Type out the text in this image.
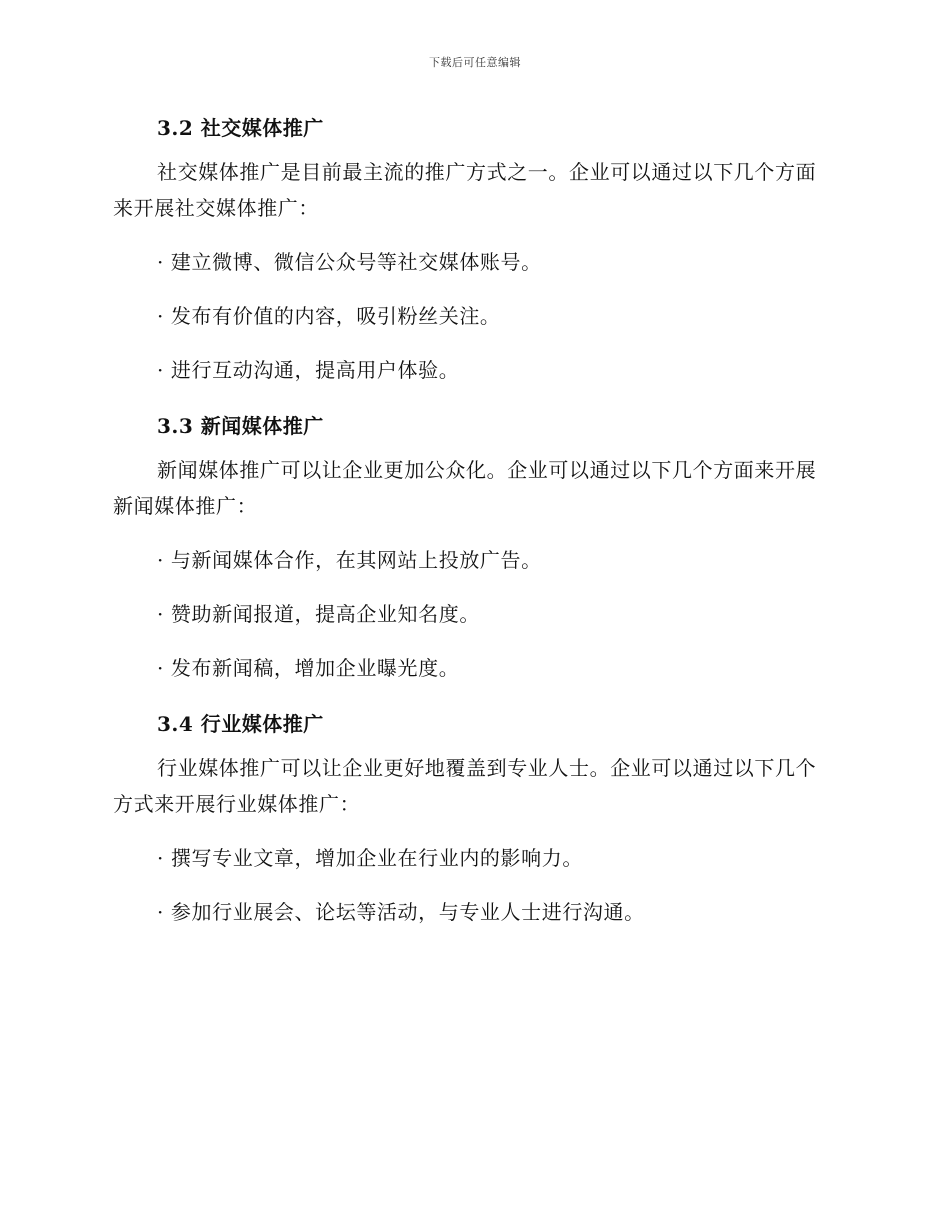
下载后可任意编辑
3.2 社交媒体推广

社交媒体推广是目前最主流的推广方式之一。企业可以通过以下几个方面来开展社交媒体推广：

· 建立微博、微信公众号等社交媒体账号。
· 发布有价值的内容，吸引粉丝关注。
· 进行互动沟通，提高用户体验。
3.3 新闻媒体推广

新闻媒体推广可以让企业更加公众化。企业可以通过以下几个方面来开展新闻媒体推广：

· 与新闻媒体合作，在其网站上投放广告。
· 赞助新闻报道，提高企业知名度。
· 发布新闻稿，增加企业曝光度。
3.4 行业媒体推广

行业媒体推广可以让企业更好地覆盖到专业人士。企业可以通过以下几个方式来开展行业媒体推广：

· 撰写专业文章，增加企业在行业内的影响力。
· 参加行业展会、论坛等活动，与专业人士进行沟通。
